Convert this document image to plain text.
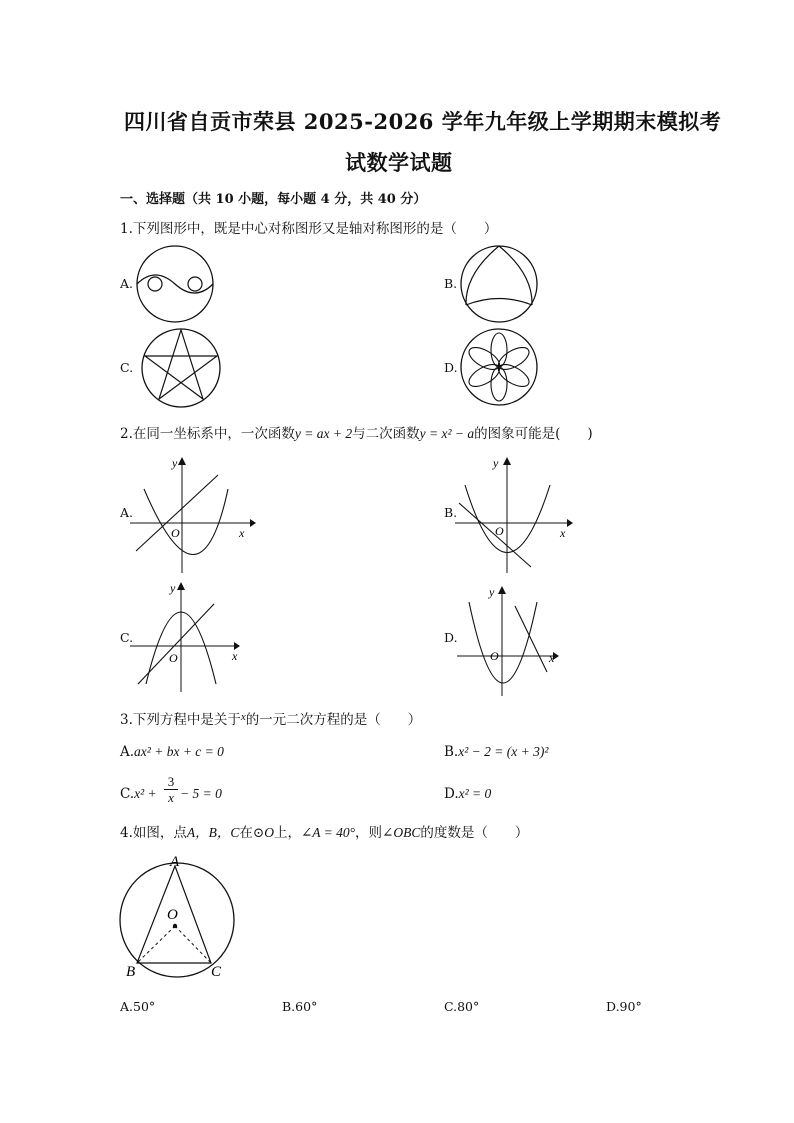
四川省自贡市荣县 2025-2026 学年九年级上学期期末模拟考
试数学试题
一、选择题（共 10 小题，每小题 4 分，共 40 分）
1.下列图形中，既是中心对称图形又是轴对称图形的是（　　）
A.	B.
C.	D.
2.在同一坐标系中，一次函数y = ax + 2与二次函数y = x² − a的图象可能是(　　)
A.
y
x
O
B.
y
x
O
C.
y
x
O
D.
y
x
O
3.下列方程中是关于$^x$的一元二次方程的是（　　）
A.ax² + bx + c = 0	B.x² − 2 = (x + 3)²
$C.x^2 + \frac{3}{x} - 5 = 0$	D.x² = 0
4.如图，点A，B，C在⊙O上，∠A = 40°，则∠OBC的度数是（　　）
A
O
B	C
A.50°	B.60°	C.80°	D.90°
